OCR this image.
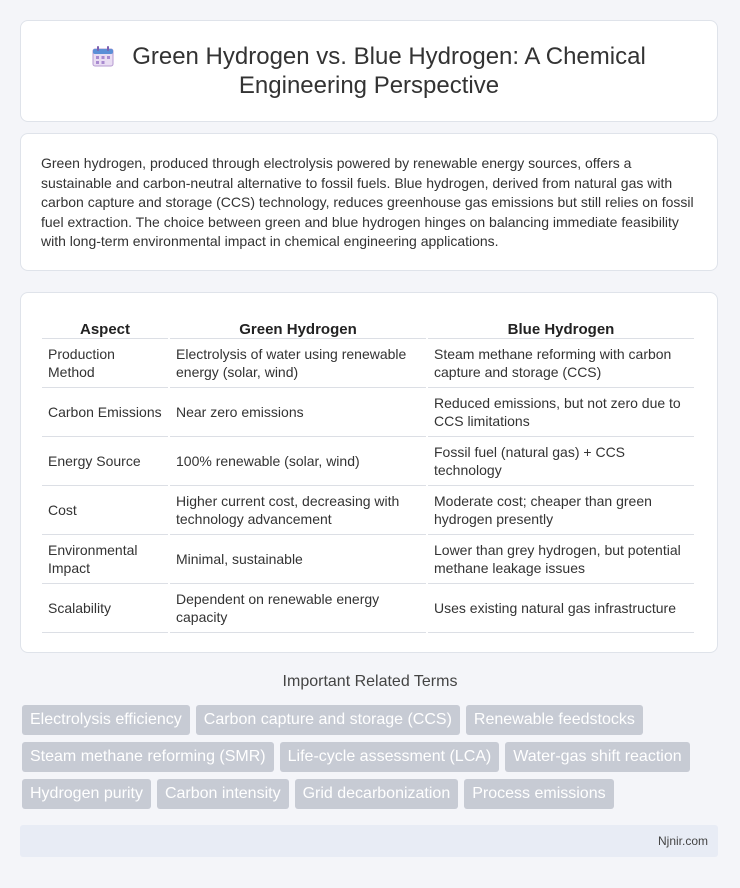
Green Hydrogen vs. Blue Hydrogen: A Chemical Engineering Perspective

Green hydrogen, produced through electrolysis powered by renewable energy sources, offers a sustainable and carbon-neutral alternative to fossil fuels. Blue hydrogen, derived from natural gas with carbon capture and storage (CCS) technology, reduces greenhouse gas emissions but still relies on fossil fuel extraction. The choice between green and blue hydrogen hinges on balancing immediate feasibility with long-term environmental impact in chemical engineering applications.

Aspect	Green Hydrogen	Blue Hydrogen
Production Method	Electrolysis of water using renewable energy (solar, wind)	Steam methane reforming with carbon capture and storage (CCS)
Carbon Emissions	Near zero emissions	Reduced emissions, but not zero due to CCS limitations
Energy Source	100% renewable (solar, wind)	Fossil fuel (natural gas) + CCS technology
Cost	Higher current cost, decreasing with technology advancement	Moderate cost; cheaper than green hydrogen presently
Environmental Impact	Minimal, sustainable	Lower than grey hydrogen, but potential methane leakage issues
Scalability	Dependent on renewable energy capacity	Uses existing natural gas infrastructure
Important Related Terms
Electrolysis efficiency	Carbon capture and storage (CCS)	Renewable feedstocks
Steam methane reforming (SMR)	Life-cycle assessment (LCA)	Water-gas shift reaction
Hydrogen purity	Carbon intensity	Grid decarbonization	Process emissions
Njnir.com
